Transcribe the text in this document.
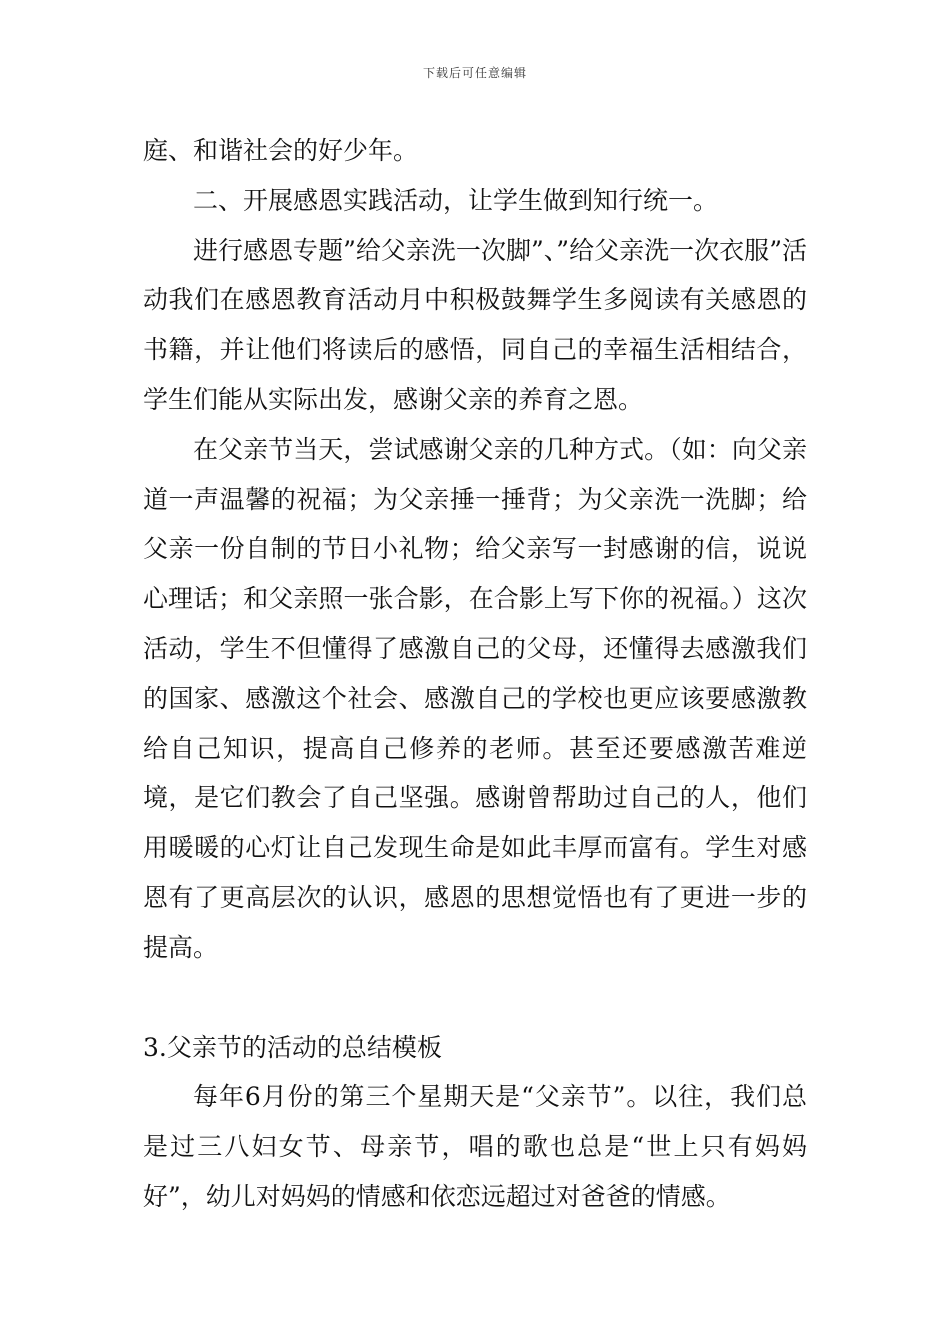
下载后可任意编辑

庭、和谐社会的好少年。

二、开展感恩实践活动，让学生做到知行统一。

进行感恩专题”给父亲洗一次脚”、”给父亲洗一次衣服”活动我们在感恩教育活动月中积极鼓舞学生多阅读有关感恩的书籍，并让他们将读后的感悟，同自己的幸福生活相结合，学生们能从实际出发，感谢父亲的养育之恩。

在父亲节当天，尝试感谢父亲的几种方式。（如：向父亲道一声温馨的祝福；为父亲捶一捶背；为父亲洗一洗脚；给父亲一份自制的节日小礼物；给父亲写一封感谢的信，说说心理话；和父亲照一张合影，在合影上写下你的祝福。）这次活动，学生不但懂得了感激自己的父母，还懂得去感激我们的国家、感激这个社会、感激自己的学校也更应该要感激教给自己知识，提高自己修养的老师。甚至还要感激苦难逆境，是它们教会了自己坚强。感谢曾帮助过自己的人，他们用暖暖的心灯让自己发现生命是如此丰厚而富有。学生对感恩有了更高层次的认识，感恩的思想觉悟也有了更进一步的提高。

3.父亲节的活动的总结模板

每年6月份的第三个星期天是“父亲节”。以往，我们总是过三八妇女节、母亲节，唱的歌也总是“世上只有妈妈好”，幼儿对妈妈的情感和依恋远超过对爸爸的情感。
